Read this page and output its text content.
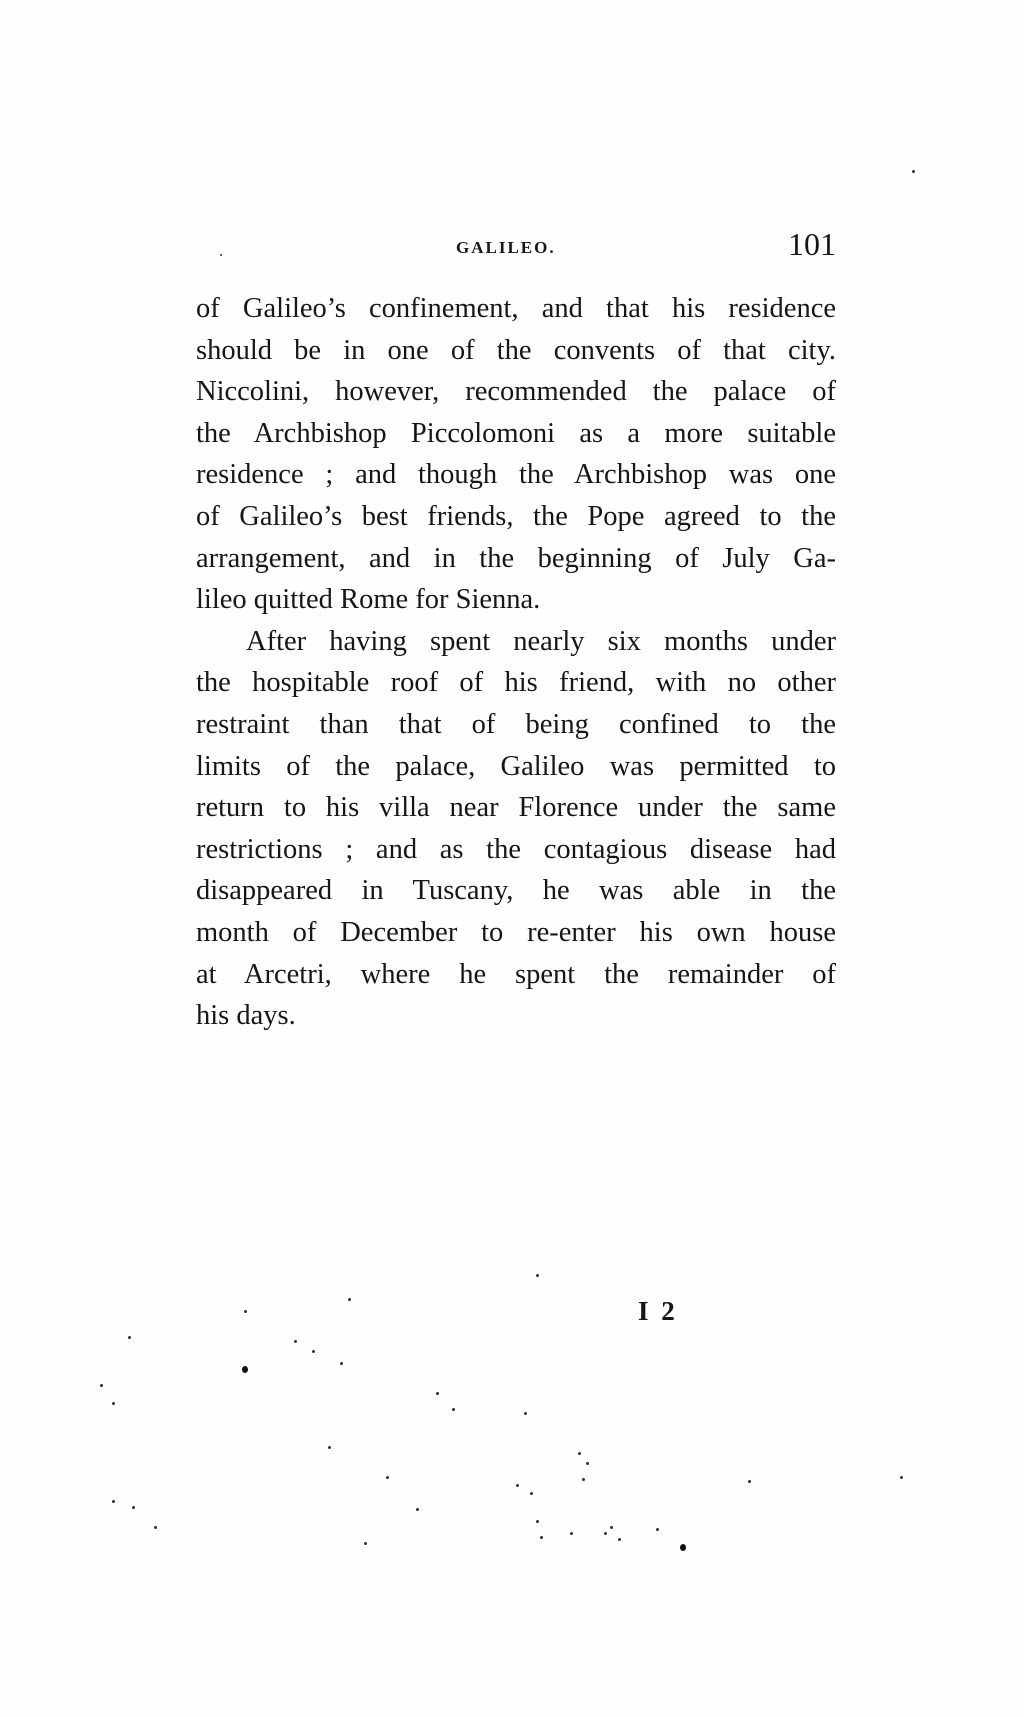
GALILEO.	101
of Galileo’s confinement, and that his residence
should be in one of the convents of that city.
Niccolini, however, recommended the palace of
the Archbishop Piccolomoni as a more suitable
residence ; and though the Archbishop was one
of Galileo’s best friends, the Pope agreed to the
arrangement, and in the beginning of July Ga-
lileo quitted Rome for Sienna.
After having spent nearly six months under
the hospitable roof of his friend, with no other
restraint than that of being confined to the
limits of the palace, Galileo was permitted to
return to his villa near Florence under the same
restrictions ; and as the contagious disease had
disappeared in Tuscany, he was able in the
month of December to re-enter his own house
at Arcetri, where he spent the remainder of
his days.
I 2
